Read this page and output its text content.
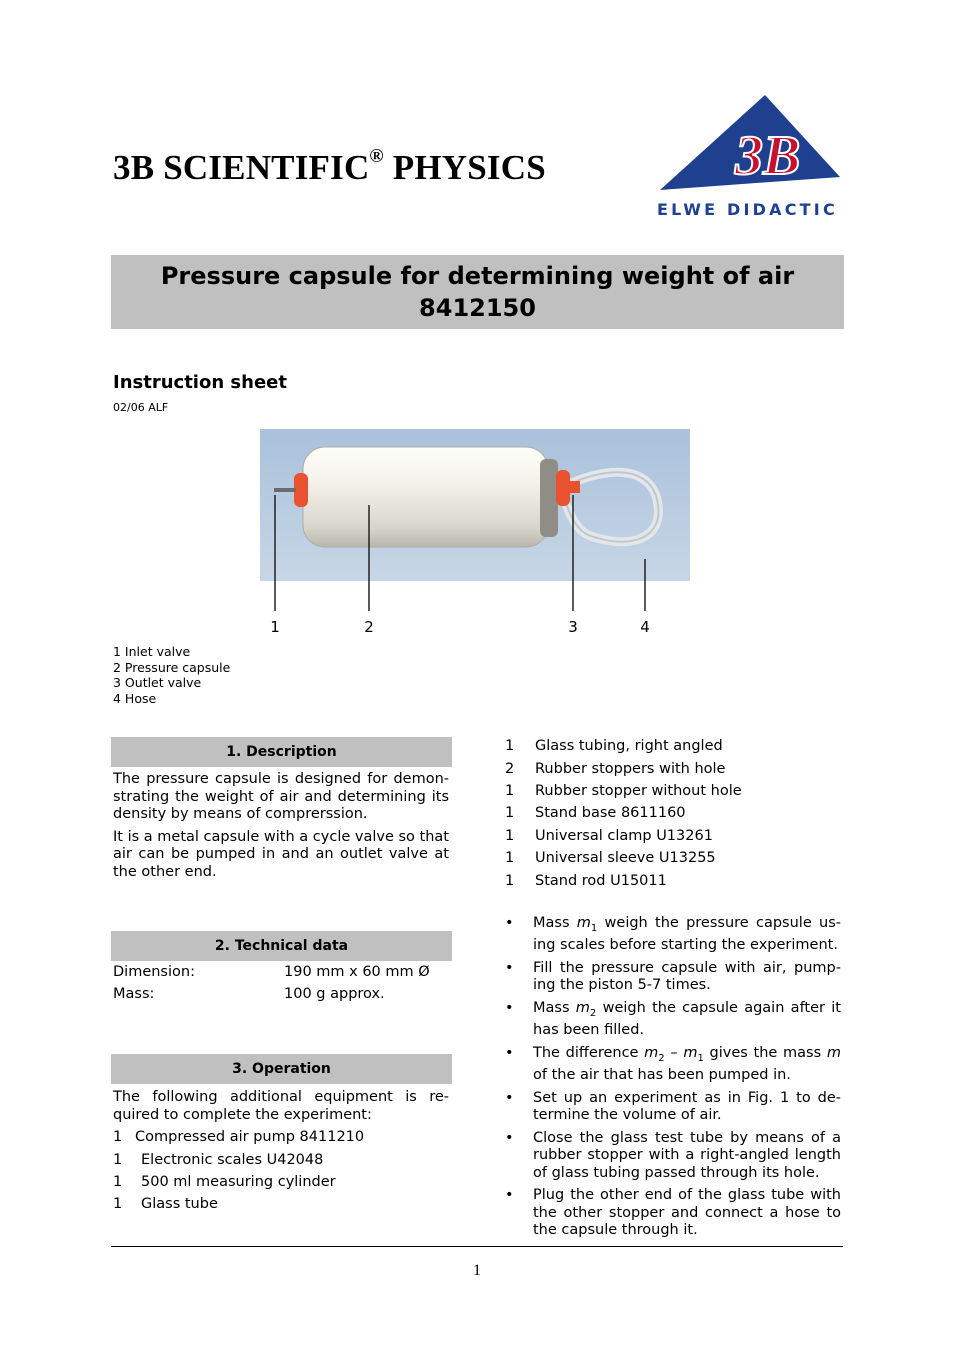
3B SCIENTIFIC® PHYSICS	3B ®
ELWE DIDACTIC
Pressure capsule for determining weight of air
8412150
Instruction sheet
02/06 ALF
1	2	3	4
1 Inlet valve
2 Pressure capsule
3 Outlet valve
4 Hose
1. Description

The pressure capsule is designed for demon-strating the weight of air and determining its density by means of comprerssion.

It is a metal capsule with a cycle valve so that air can be pumped in and an outlet valve at the other end.

2. Technical data
Dimension:	190 mm x 60 mm Ø
Mass:	100 g approx.
3. Operation

The following additional equipment is re-quired to complete the experiment:

1 Compressed air pump 8411210
1	Electronic scales U42048
1	500 ml measuring cylinder
1	Glass tube
1	Glass tubing, right angled
2	Rubber stoppers with hole
1	Rubber stopper without hole
1	Stand base 8611160
1	Universal clamp U13261
1	Universal sleeve U13255
1	Stand rod U15011
•	Mass $m_1$ weigh the pressure capsule us-ing scales before starting the experiment.
•	Fill the pressure capsule with air, pump-ing the piston 5-7 times.
•	Mass $m_2$ weigh the capsule again after it has been filled.
•	The difference $m_2 - m_1$ gives the mass m of the air that has been pumped in.
•	Set up an experiment as in Fig. 1 to de-termine the volume of air.
•	Close the glass test tube by means of a rubber stopper with a right-angled length of glass tubing passed through its hole.
•	Plug the other end of the glass tube with the other stopper and connect a hose to the capsule through it.
1
